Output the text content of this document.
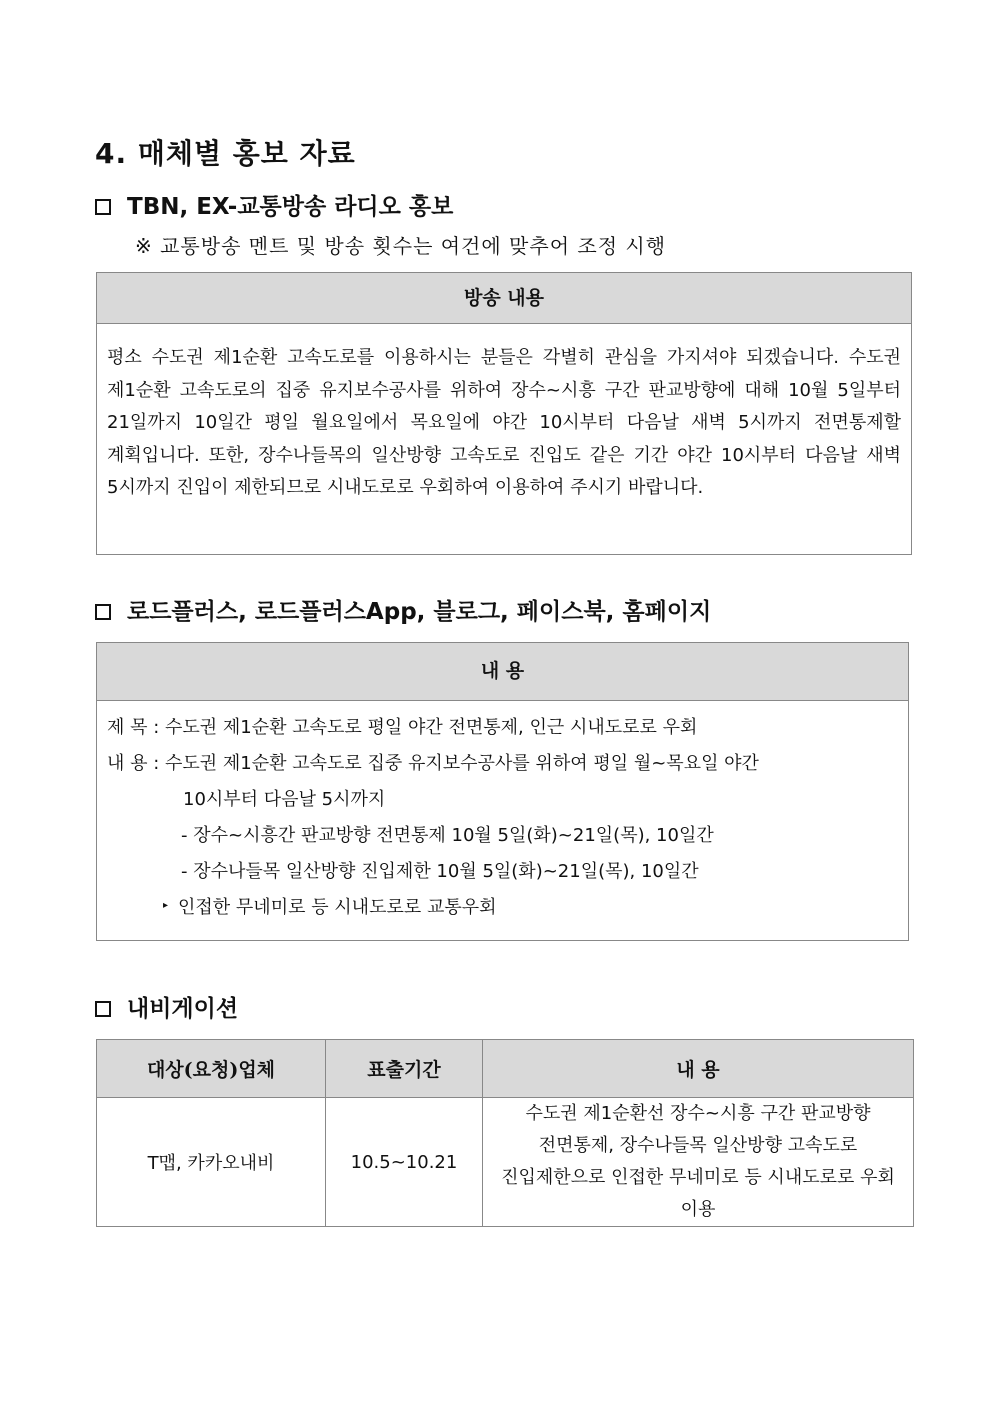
4. 매체별 홍보 자료
TBN, EX-교통방송 라디오 홍보
※ 교통방송 멘트 및 방송 횟수는 여건에 맞추어 조정 시행
방송 내용
평소 수도권 제1순환 고속도로를 이용하시는 분들은 각별히 관심을 가지셔야 되겠습니다. 수도권 제1순환 고속도로의 집중 유지보수공사를 위하여 장수~시흥 구간 판교방향에 대해 10월 5일부터 21일까지 10일간 평일 월요일에서 목요일에 야간 10시부터 다음날 새벽 5시까지 전면통제할 계획입니다. 또한, 장수나들목의 일산방향 고속도로 진입도 같은 기간 야간 10시부터 다음날 새벽 5시까지 진입이 제한되므로 시내도로로 우회하여 이용하여 주시기 바랍니다.
로드플러스, 로드플러스App, 블로그, 페이스북, 홈페이지
내 용
제 목 : 수도권 제1순환 고속도로 평일 야간 전면통제, 인근 시내도로로 우회
내 용 : 수도권 제1순환 고속도로 집중 유지보수공사를 위하여 평일 월~목요일 야간
10시부터 다음날 5시까지
- 장수~시흥간 판교방향 전면통제 10월 5일(화)~21일(목), 10일간
- 장수나들목 일산방향 진입제한 10월 5일(화)~21일(목), 10일간
▸ 인접한 무네미로 등 시내도로로 교통우회
내비게이션
대상(요청)업체	표출기간	내 용
T맵, 카카오내비	10.5~10.21	수도권 제1순환선 장수~시흥 구간 판교방향 전면통제, 장수나들목 일산방향 고속도로 진입제한으로 인접한 무네미로 등 시내도로로 우회 이용
